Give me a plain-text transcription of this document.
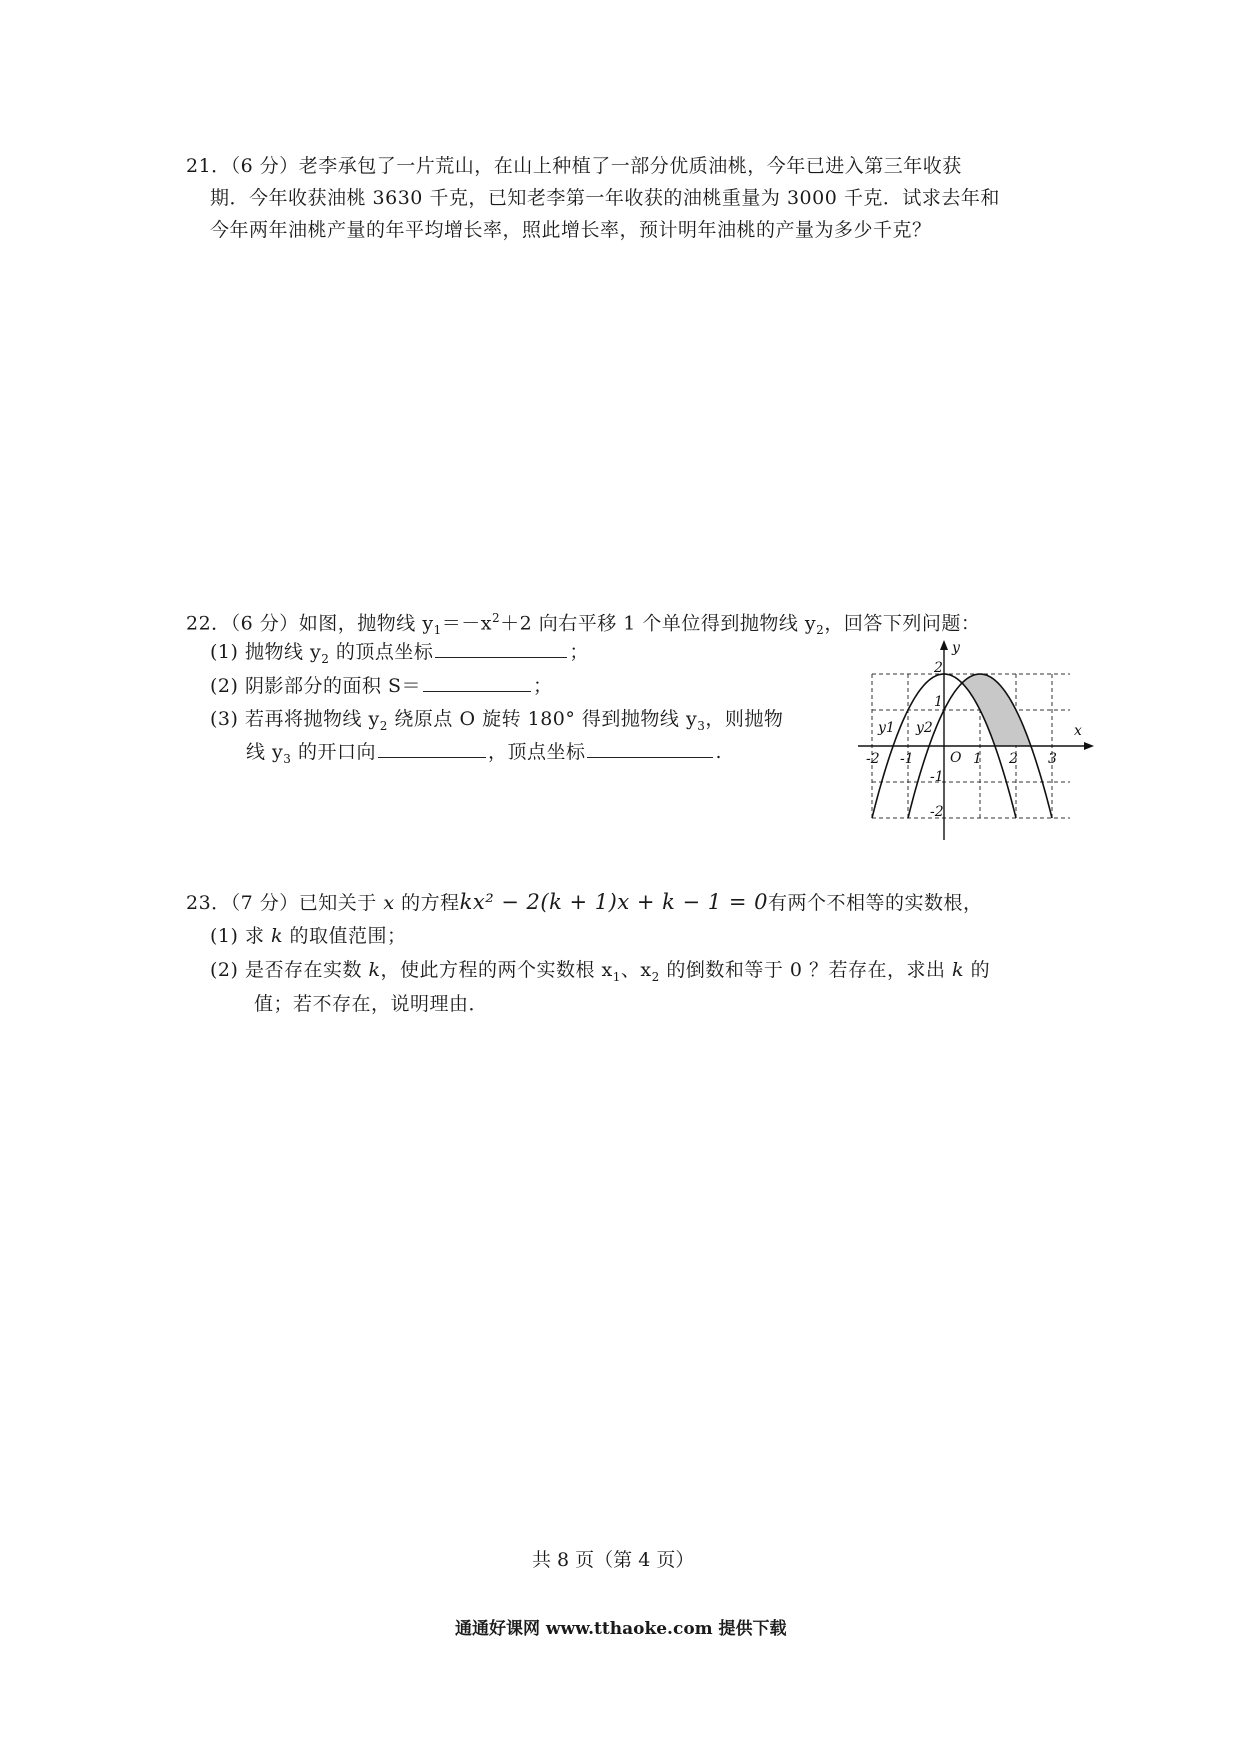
21．（6 分）老李承包了一片荒山，在山上种植了一部分优质油桃，今年已进入第三年收获
期．今年收获油桃 3630 千克，已知老李第一年收获的油桃重量为 3000 千克．试求去年和
今年两年油桃产量的年平均增长率，照此增长率，预计明年油桃的产量为多少千克？
22．（6 分）如图，抛物线 $y_1=-x^2+2$ 向右平移 1 个单位得到抛物线 $y_2$，回答下列问题：
(1) 抛物线 $y_2$ 的顶点坐标	；
(2) 阴影部分的面积 S＝	；
(3) 若再将抛物线 $y_2$ 绕原点 O 旋转 180° 得到抛物线 $y_3$，则抛物
线 $y_3$ 的开口向	，顶点坐标	.
x
y
-2 -1	O 1 2 3
2
1
-1
-2
y1 y2
23．（7 分）已知关于 x 的方程kx² − 2(k + 1)x + k − 1 = 0有两个不相等的实数根，
(1) 求 k 的取值范围；
(2) 是否存在实数 k，使此方程的两个实数根 $x_1$、$x_2$ 的倒数和等于 0 ？若存在，求出 k 的
值；若不存在，说明理由．
共 8 页（第 4 页）
通通好课网 www.tthaoke.com 提供下载
